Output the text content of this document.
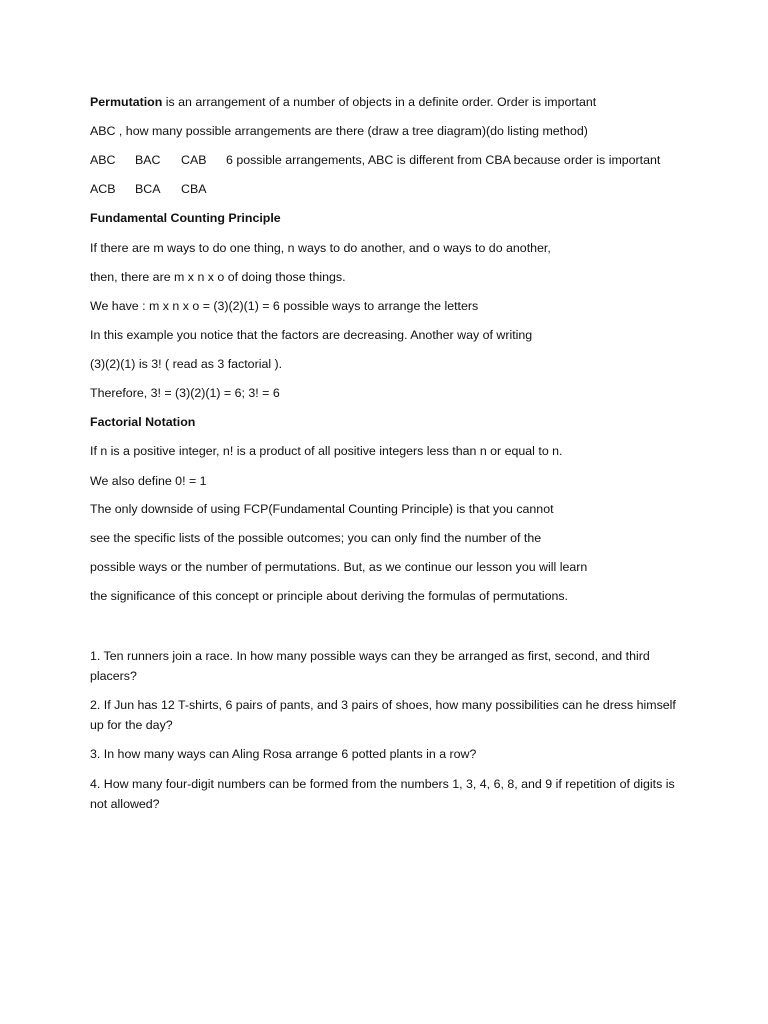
Permutation is an arrangement of a number of objects in a definite order. Order is important

ABC , how many possible arrangements are there (draw a tree diagram)(do listing method)

ABC BAC CAB 6 possible arrangements, ABC is different from CBA because order is important
ACB BCA CBA

Fundamental Counting Principle

If there are m ways to do one thing, n ways to do another, and o ways to do another,

then, there are m x n x o of doing those things.

We have : m x n x o = (3)(2)(1) = 6 possible ways to arrange the letters

In this example you notice that the factors are decreasing. Another way of writing

(3)(2)(1) is 3! ( read as 3 factorial ).

Therefore, 3! = (3)(2)(1) = 6; 3! = 6

Factorial Notation

If n is a positive integer, n! is a product of all positive integers less than n or equal to n.

We also define 0! = 1

The only downside of using FCP(Fundamental Counting Principle) is that you cannot

see the specific lists of the possible outcomes; you can only find the number of the

possible ways or the number of permutations. But, as we continue our lesson you will learn

the significance of this concept or principle about deriving the formulas of permutations.

1. Ten runners join a race. In how many possible ways can they be arranged as first, second, and third placers?

2. If Jun has 12 T-shirts, 6 pairs of pants, and 3 pairs of shoes, how many possibilities can he dress himself up for the day?

3. In how many ways can Aling Rosa arrange 6 potted plants in a row?

4. How many four-digit numbers can be formed from the numbers 1, 3, 4, 6, 8, and 9 if repetition of digits is not allowed?
